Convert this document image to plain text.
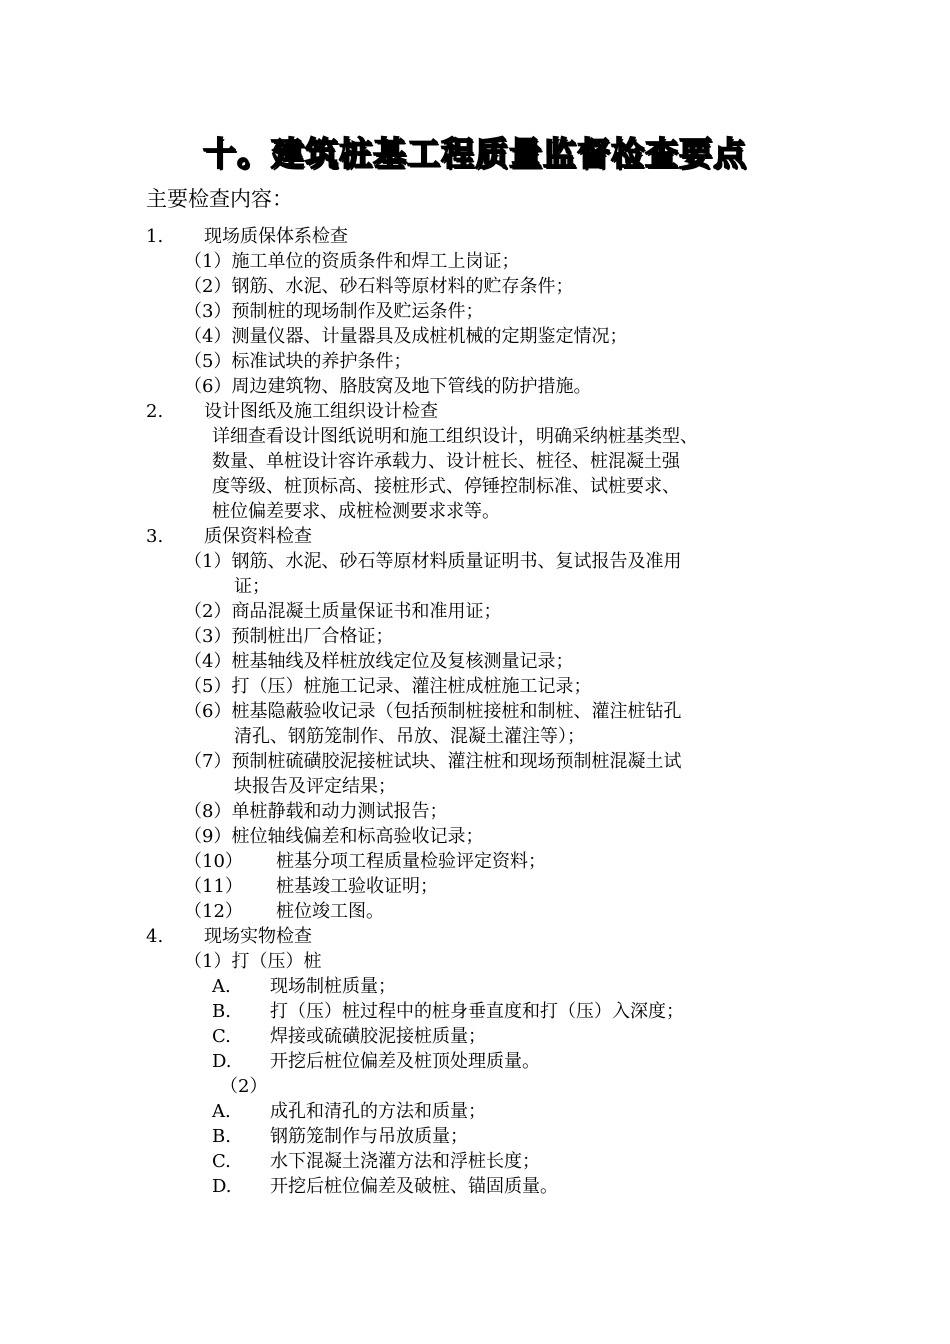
十。建筑桩基工程质量监督检查要点
主要检查内容：
1. 现场质保体系检查
（1）施工单位的资质条件和焊工上岗证；
（2）钢筋、水泥、砂石料等原材料的贮存条件；
（3）预制桩的现场制作及贮运条件；
（4）测量仪器、计量器具及成桩机械的定期鉴定情况；
（5）标准试块的养护条件；
（6）周边建筑物、胳肢窝及地下管线的防护措施。
2. 设计图纸及施工组织设计检查
详细查看设计图纸说明和施工组织设计，明确采纳桩基类型、
数量、单桩设计容许承载力、设计桩长、桩径、桩混凝土强
度等级、桩顶标高、接桩形式、停锤控制标准、试桩要求、
桩位偏差要求、成桩检测要求求等。
3. 质保资料检查
（1）钢筋、水泥、砂石等原材料质量证明书、复试报告及准用
证；
（2）商品混凝土质量保证书和准用证；
（3）预制桩出厂合格证；
（4）桩基轴线及样桩放线定位及复核测量记录；
（5）打（压）桩施工记录、灌注桩成桩施工记录；
（6）桩基隐蔽验收记录（包括预制桩接桩和制桩、灌注桩钻孔
清孔、钢筋笼制作、吊放、混凝土灌注等）；
（7）预制桩硫磺胶泥接桩试块、灌注桩和现场预制桩混凝土试
块报告及评定结果；
（8）单桩静载和动力测试报告；
（9）桩位轴线偏差和标高验收记录；
（10） 桩基分项工程质量检验评定资料；
（11） 桩基竣工验收证明；
（12） 桩位竣工图。
4. 现场实物检查
（1）打（压）桩
A. 现场制桩质量；
B. 打（压）桩过程中的桩身垂直度和打（压）入深度；
C. 焊接或硫磺胶泥接桩质量；
D. 开挖后桩位偏差及桩顶处理质量。
（2）
A. 成孔和清孔的方法和质量；
B. 钢筋笼制作与吊放质量；
C. 水下混凝土浇灌方法和浮桩长度；
D. 开挖后桩位偏差及破桩、锚固质量。
